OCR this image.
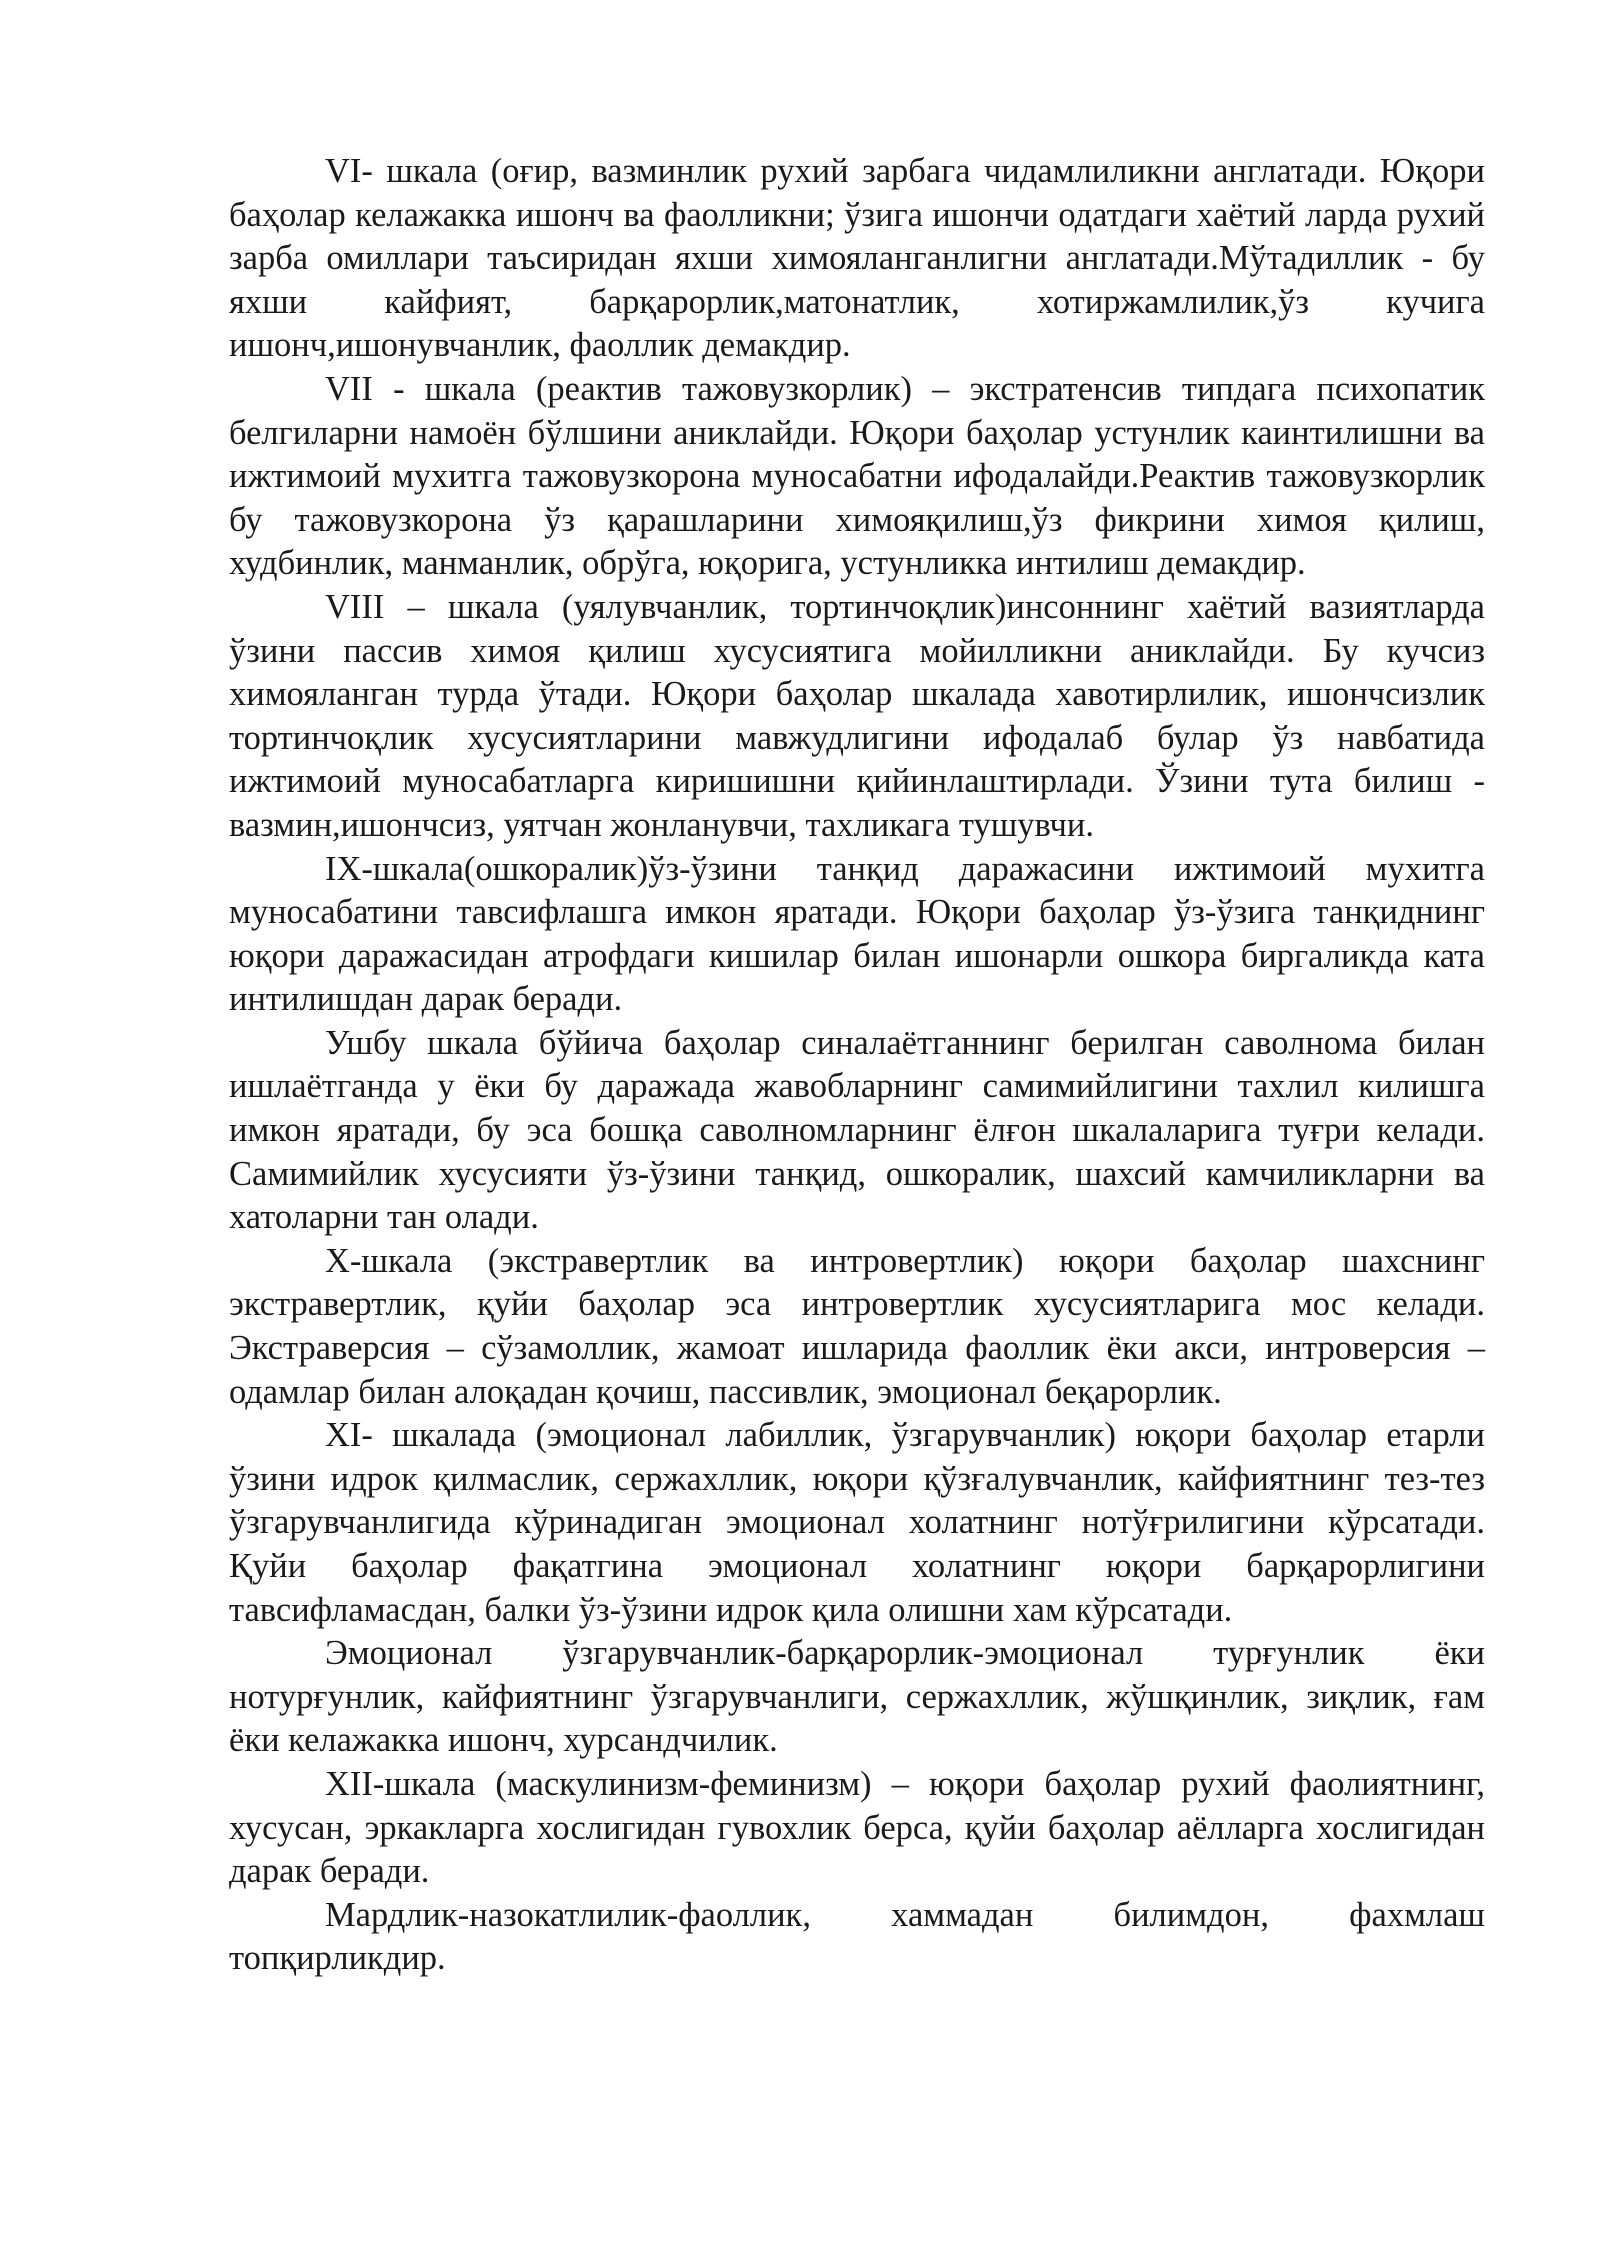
VI- шкала (оғир, вазминлик рухий зарбага чидамлиликни англатади. Юқори баҳолар келажакка ишонч ва фаолликни; ўзига ишончи одатдаги хаётий ларда рухий зарба омиллари таъсиридан яхши химояланганлигни англатади.Мўтадиллик - бу яхши кайфият, барқарорлик,матонатлик, хотиржамлилик,ўз кучига ишонч,ишонувчанлик, фаоллик демакдир.

VII - шкала (реактив тажовузкорлик) – экстратенсив типдага психопатик белгиларни намоён бўлшини аниклайди. Юқори баҳолар устунлик каинтилишни ва ижтимоий мухитга тажовузкорона муносабатни ифодалайди.Реактив тажовузкорлик бу тажовузкорона ўз қарашларини химояқилиш,ўз фикрини химоя қилиш, худбинлик, манманлик, обрўга, юқорига, устунликка интилиш демакдир.

VIII – шкала (уялувчанлик, тортинчоқлик)инсоннинг хаётий вазиятларда ўзини пассив химоя қилиш хусусиятига мойилликни аниклайди. Бу кучсиз химояланган турда ўтади. Юқори баҳолар шкалада хавотирлилик, ишончсизлик тортинчоқлик хусусиятларини мавжудлигини ифодалаб булар ўз навбатида ижтимоий муносабатларга киришишни қийинлаштирлади. Ўзини тута билиш - вазмин,ишончсиз, уятчан жонланувчи, тахликага тушувчи.

IX-шкала(ошкоралик)ўз-ўзини танқид даражасини ижтимоий мухитга муносабатини тавсифлашга имкон яратади. Юқори баҳолар ўз-ўзига танқиднинг юқори даражасидан атрофдаги кишилар билан ишонарли ошкора биргаликда ката интилишдан дарак беради.

Ушбу шкала бўйича баҳолар синалаётганнинг берилган саволнома билан ишлаётганда у ёки бу даражада жавобларнинг самимийлигини тахлил килишга имкон яратади, бу эса бошқа саволномларнинг ёлғон шкалаларига туғри келади. Самимийлик хусусияти ўз-ўзини танқид, ошкоралик, шахсий камчиликларни ва хатоларни тан олади.

X-шкала (экстравертлик ва интровертлик) юқори баҳолар шахснинг экстравертлик, қуйи баҳолар эса интровертлик хусусиятларига мос келади. Экстраверсия – сўзамоллик, жамоат ишларида фаоллик ёки акси, интроверсия – одамлар билан алоқадан қочиш, пассивлик, эмоционал беқарорлик.

XI- шкалада (эмоционал лабиллик, ўзгарувчанлик) юқори баҳолар етарли ўзини идрок қилмаслик, сержахллик, юқори қўзғалувчанлик, кайфиятнинг тез-тез ўзгарувчанлигида кўринадиган эмоционал холатнинг нотўғрилигини кўрсатади. Қуйи баҳолар фақатгина эмоционал холатнинг юқори барқарорлигини тавсифламасдан, балки ўз-ўзини идрок қила олишни хам кўрсатади.

Эмоционал ўзгарувчанлик-барқарорлик-эмоционал турғунлик ёки нотурғунлик, кайфиятнинг ўзгарувчанлиги, сержахллик, жўшқинлик, зиқлик, ғам ёки келажакка ишонч, хурсандчилик.

XII-шкала (маскулинизм-феминизм) – юқори баҳолар рухий фаолиятнинг, хусусан, эркакларга хослигидан гувохлик берса, қуйи баҳолар аёлларга хослигидан дарак беради.

Мардлик-назокатлилик-фаоллик, хаммадан билимдон, фахмлаш топқирликдир.
